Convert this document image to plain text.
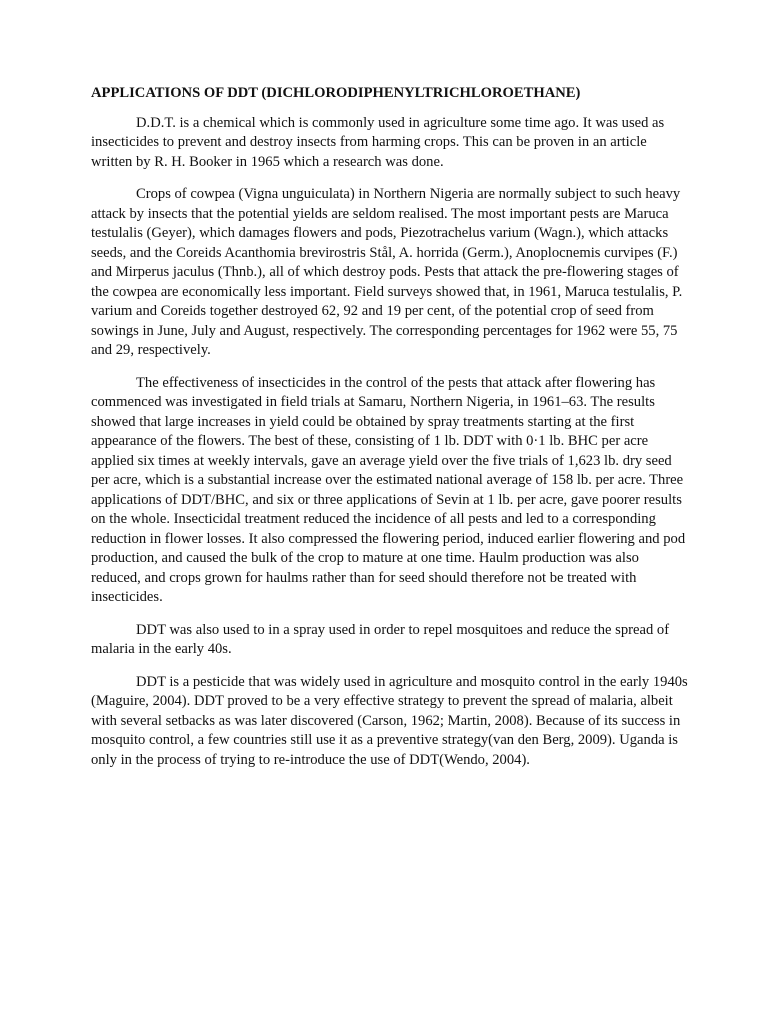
APPLICATIONS OF DDT (DICHLORODIPHENYLTRICHLOROETHANE)

D.D.T. is a chemical which is commonly used in agriculture some time ago. It was used as insecticides to prevent and destroy insects from harming crops. This can be proven in an article written by R. H. Booker in 1965 which a research was done.

Crops of cowpea (Vigna unguiculata) in Northern Nigeria are normally subject to such heavy attack by insects that the potential yields are seldom realised. The most important pests are Maruca testulalis (Geyer), which damages flowers and pods, Piezotrachelus varium (Wagn.), which attacks seeds, and the Coreids Acanthomia brevirostris Stål, A. horrida (Germ.), Anoplocnemis curvipes (F.) and Mirperus jaculus (Thnb.), all of which destroy pods. Pests that attack the pre-flowering stages of the cowpea are economically less important. Field surveys showed that, in 1961, Maruca testulalis, P. varium and Coreids together destroyed 62, 92 and 19 per cent, of the potential crop of seed from sowings in June, July and August, respectively. The corresponding percentages for 1962 were 55, 75 and 29, respectively.

The effectiveness of insecticides in the control of the pests that attack after flowering has commenced was investigated in field trials at Samaru, Northern Nigeria, in 1961–63. The results showed that large increases in yield could be obtained by spray treatments starting at the first appearance of the flowers. The best of these, consisting of 1 lb. DDT with 0·1 lb. BHC per acre applied six times at weekly intervals, gave an average yield over the five trials of 1,623 lb. dry seed per acre, which is a substantial increase over the estimated national average of 158 lb. per acre. Three applications of DDT/BHC, and six or three applications of Sevin at 1 lb. per acre, gave poorer results on the whole. Insecticidal treatment reduced the incidence of all pests and led to a corresponding reduction in flower losses. It also compressed the flowering period, induced earlier flowering and pod production, and caused the bulk of the crop to mature at one time. Haulm production was also reduced, and crops grown for haulms rather than for seed should therefore not be treated with insecticides.

DDT was also used to in a spray used in order to repel mosquitoes and reduce the spread of malaria in the early 40s.

DDT is a pesticide that was widely used in agriculture and mosquito control in the early 1940s (Maguire, 2004). DDT proved to be a very effective strategy to prevent the spread of malaria, albeit with several setbacks as was later discovered (Carson, 1962; Martin, 2008). Because of its success in mosquito control, a few countries still use it as a preventive strategy(van den Berg, 2009). Uganda is only in the process of trying to re-introduce the use of DDT(Wendo, 2004).
